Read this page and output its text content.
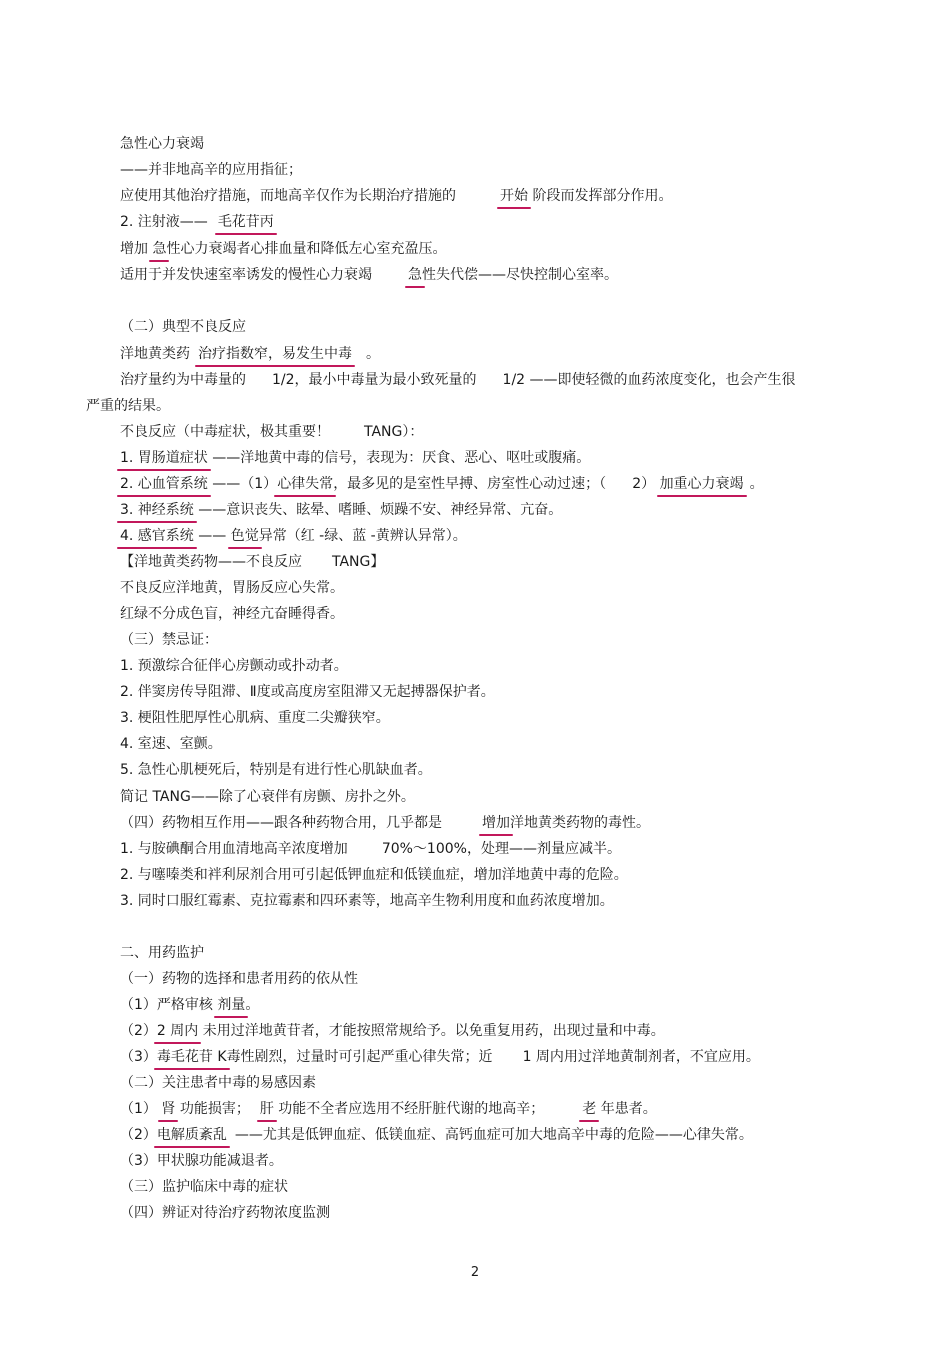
急性心力衰竭
——并非地高辛的应用指征；
应使用其他治疗措施，而地高辛仅作为长期治疗措施的	开始 阶段而发挥部分作用。
2. 注射液—— 毛花苷丙
增加 急性心力衰竭者心排血量和降低左心室充盈压。
适用于并发快速室率诱发的慢性心力衰竭	急性失代偿——尽快控制心室率。
（二）典型不良反应
洋地黄类药 治疗指数窄，易发生中毒 。
治疗量约为中毒量的 1/2，最小中毒量为最小致死量的 1/2 ——即使轻微的血药浓度变化，也会产生很
严重的结果。
不良反应（中毒症状，极其重要！ TANG）：
1. 胃肠道症状 ——洋地黄中毒的信号，表现为：厌食、恶心、呕吐或腹痛。
2. 心血管系统 ——（1）心律失常，最多见的是室性早搏、房室性心动过速；（ 2） 加重心力衰竭 。
3. 神经系统 ——意识丧失、眩晕、嗜睡、烦躁不安、神经异常、亢奋。
4. 感官系统 —— 色觉异常（红 -绿、蓝 -黄辨认异常）。
【洋地黄类药物——不良反应 TANG】
不良反应洋地黄，胃肠反应心失常。
红绿不分成色盲，神经亢奋睡得香。
（三）禁忌证：
1. 预激综合征伴心房颤动或扑动者。
2. 伴窦房传导阻滞、Ⅱ度或高度房室阻滞又无起搏器保护者。
3. 梗阻性肥厚性心肌病、重度二尖瓣狭窄。
4. 室速、室颤。
5. 急性心肌梗死后，特别是有进行性心肌缺血者。
简记 TANG——除了心衰伴有房颤、房扑之外。
（四）药物相互作用——跟各种药物合用，几乎都是	增加洋地黄类药物的毒性。
1. 与胺碘酮合用血清地高辛浓度增加 70%～100%，处理——剂量应减半。
2. 与噻嗪类和袢利尿剂合用可引起低钾血症和低镁血症，增加洋地黄中毒的危险。
3. 同时口服红霉素、克拉霉素和四环素等，地高辛生物利用度和血药浓度增加。
二、用药监护
（一）药物的选择和患者用药的依从性
（1）严格审核 剂量。
（2）2 周内 未用过洋地黄苷者，才能按照常规给予。以免重复用药，出现过量和中毒。
（3）毒毛花苷 K毒性剧烈，过量时可引起严重心律失常；近 1 周内用过洋地黄制剂者，不宜应用。
（二）关注患者中毒的易感因素
（1） 肾 功能损害； 肝 功能不全者应选用不经肝脏代谢的地高辛；	老 年患者。
（2）电解质紊乱 ——尤其是低钾血症、低镁血症、高钙血症可加大地高辛中毒的危险——心律失常。
（3）甲状腺功能减退者。
（三）监护临床中毒的症状
（四）辨证对待治疗药物浓度监测
2
